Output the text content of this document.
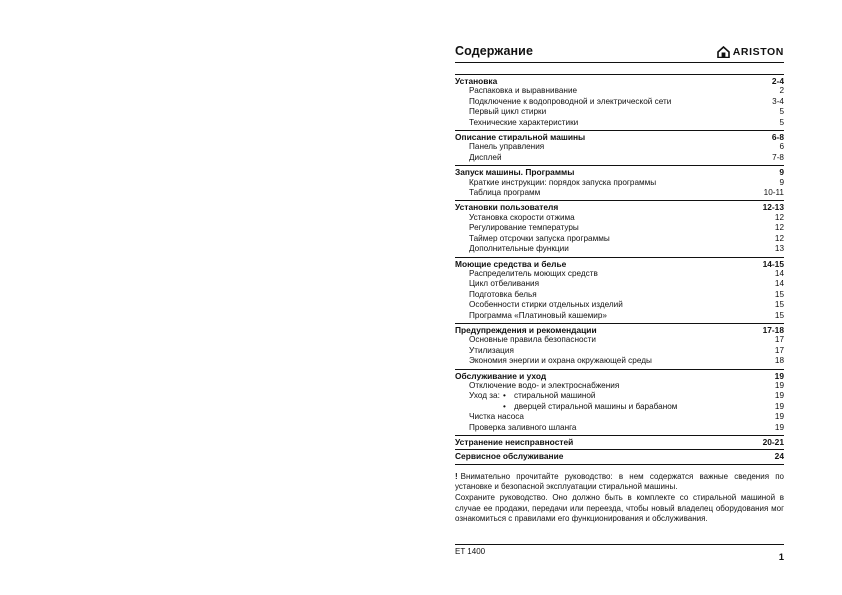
Содержание	ARISTON
Установка	2-4
Распаковка и выравнивание	2
Подключение к водопроводной и электрической сети	3-4
Первый цикл стирки	5
Технические характеристики	5
Описание стиральной машины	6-8
Панель управления	6
Дисплей	7-8
Запуск машины. Программы	9
Краткие инструкции: порядок запуска программы	9
Таблица программ	10-11
Установки пользователя	12-13
Установка скорости отжима	12
Регулирование температуры	12
Таймер отсрочки запуска программы	12
Дополнительные функции	13
Моющие средства и белье	14-15
Распределитель моющих средств	14
Цикл отбеливания	14
Подготовка белья	15
Особенности стирки отдельных изделий	15
Программа «Платиновый кашемир»	15
Предупреждения и рекомендации	17-18
Основные правила безопасности	17
Утилизация	17
Экономия энергии и охрана окружающей среды	18
Обслуживание и уход	19
Отключение водо- и электроснабжения	19
Уход за: • стиральной машиной	19
• дверцей стиральной машины и барабаном	19
Чистка насоса	19
Проверка заливного шланга	19
Устранение неисправностей	20-21
Сервисное обслуживание	24

! Внимательно прочитайте руководство: в нем содержатся важные сведения по установке и безопасной эксплуатации стиральной машины.

Сохраните руководство. Оно должно быть в комплекте со стиральной машиной в случае ее продажи, передачи или переезда, чтобы новый владелец оборудования мог ознакомиться с правилами его функционирования и обслуживания.

ET 1400
1
